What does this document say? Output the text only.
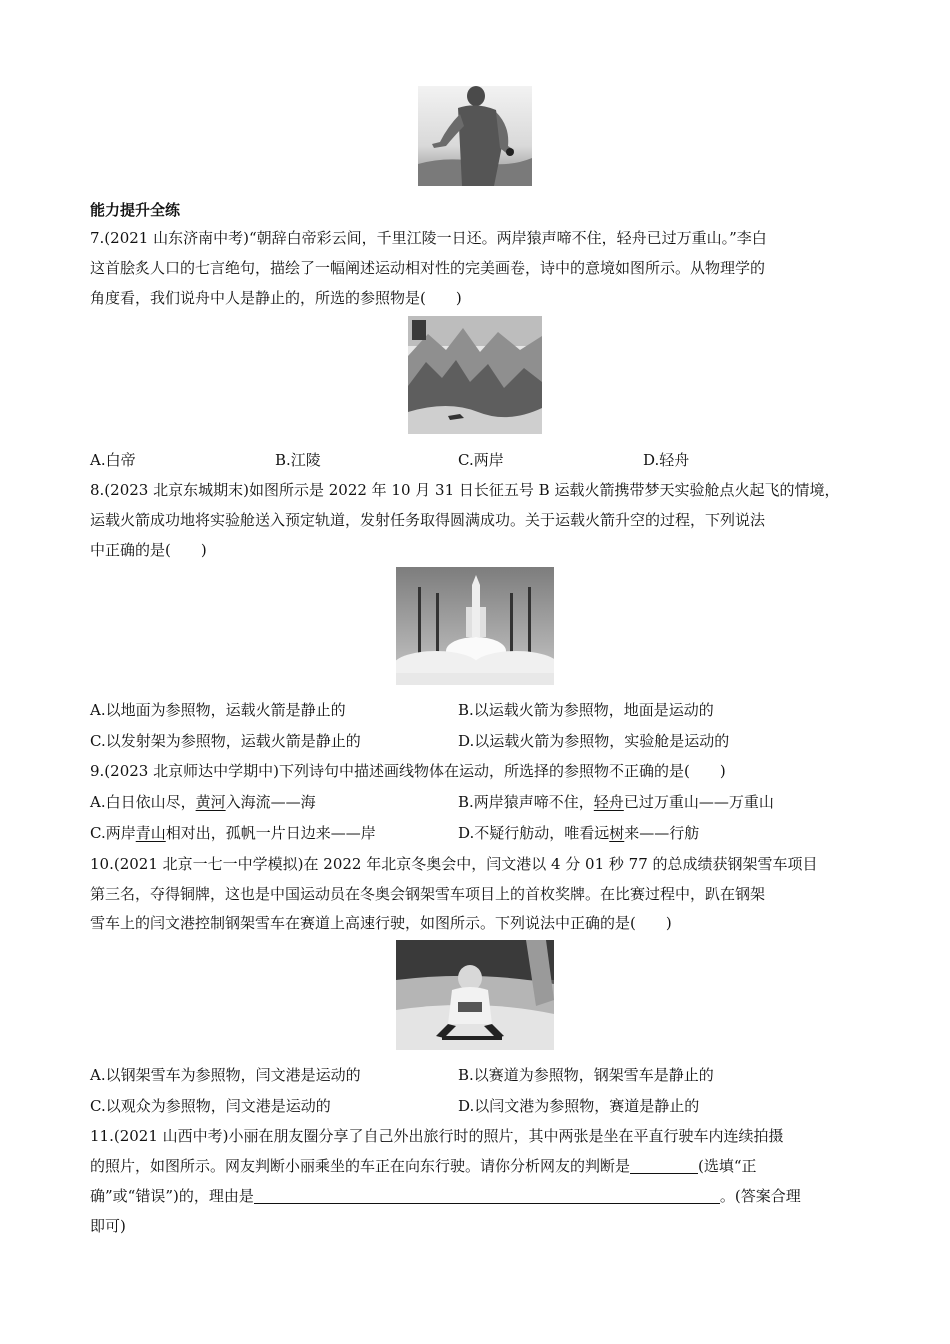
能力提升全练
7.(2021 山东济南中考)“朝辞白帝彩云间，千里江陵一日还。两岸猿声啼不住，轻舟已过万重山。”李白
这首脍炙人口的七言绝句，描绘了一幅阐述运动相对性的完美画卷，诗中的意境如图所示。从物理学的
角度看，我们说舟中人是静止的，所选的参照物是(　　)
A.白帝	B.江陵	C.两岸	D.轻舟
8.(2023 北京东城期末)如图所示是 2022 年 10 月 31 日长征五号 B 运载火箭携带梦天实验舱点火起飞的情境，
运载火箭成功地将实验舱送入预定轨道，发射任务取得圆满成功。关于运载火箭升空的过程，下列说法
中正确的是(　　)
A.以地面为参照物，运载火箭是静止的	B.以运载火箭为参照物，地面是运动的
C.以发射架为参照物，运载火箭是静止的	D.以运载火箭为参照物，实验舱是运动的
9.(2023 北京师达中学期中)下列诗句中描述画线物体在运动，所选择的参照物不正确的是(　　)
A.白日依山尽，黄河入海流——海	B.两岸猿声啼不住，轻舟已过万重山——万重山
C.两岸青山相对出，孤帆一片日边来——岸	D.不疑行舫动，唯看远树来——行舫
10.(2021 北京一七一中学模拟)在 2022 年北京冬奥会中，闫文港以 4 分 01 秒 77 的总成绩获钢架雪车项目
第三名，夺得铜牌，这也是中国运动员在冬奥会钢架雪车项目上的首枚奖牌。在比赛过程中，趴在钢架
雪车上的闫文港控制钢架雪车在赛道上高速行驶，如图所示。下列说法中正确的是(　　)
A.以钢架雪车为参照物，闫文港是运动的	B.以赛道为参照物，钢架雪车是静止的
C.以观众为参照物，闫文港是运动的	D.以闫文港为参照物，赛道是静止的
11.(2021 山西中考)小丽在朋友圈分享了自己外出旅行时的照片，其中两张是坐在平直行驶车内连续拍摄
的照片，如图所示。网友判断小丽乘坐的车正在向东行驶。请你分析网友的判断是	(选填“正
确”或“错误”)的，理由是	。(答案合理
即可)
